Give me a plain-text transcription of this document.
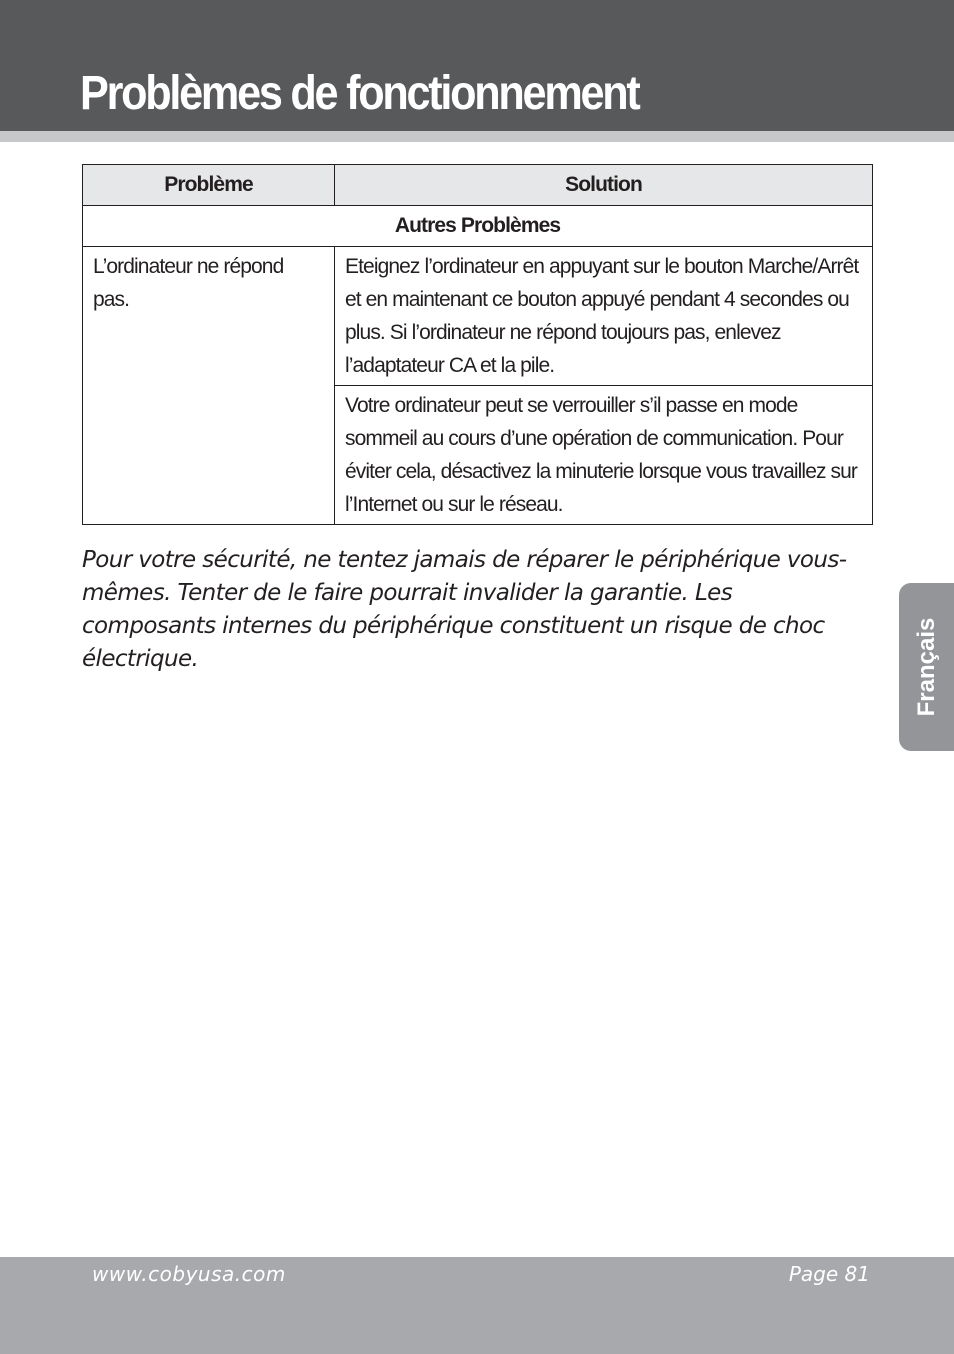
Problèmes de fonctionnement
Problème	Solution
Autres Problèmes	
L’ordinateur ne répond pas.	Eteignez l’ordinateur en appuyant sur le bouton Marche/Arrêt et en maintenant ce bouton appuyé pendant 4 secondes ou plus. Si l’ordinateur ne répond toujours pas, enlevez l’adaptateur CA et la pile.
	Votre ordinateur peut se verrouiller s’il passe en mode sommeil au cours d’une opération de communication. Pour éviter cela, désactivez la minuterie lorsque vous travaillez sur l’Internet ou sur le réseau.
Pour votre sécurité, ne tentez jamais de réparer le périphérique vous-mêmes. Tenter de le faire pourrait invalider la garantie. Les composants internes du périphérique constituent un risque de choc électrique.	Français
www.cobyusa.com	Page 81
